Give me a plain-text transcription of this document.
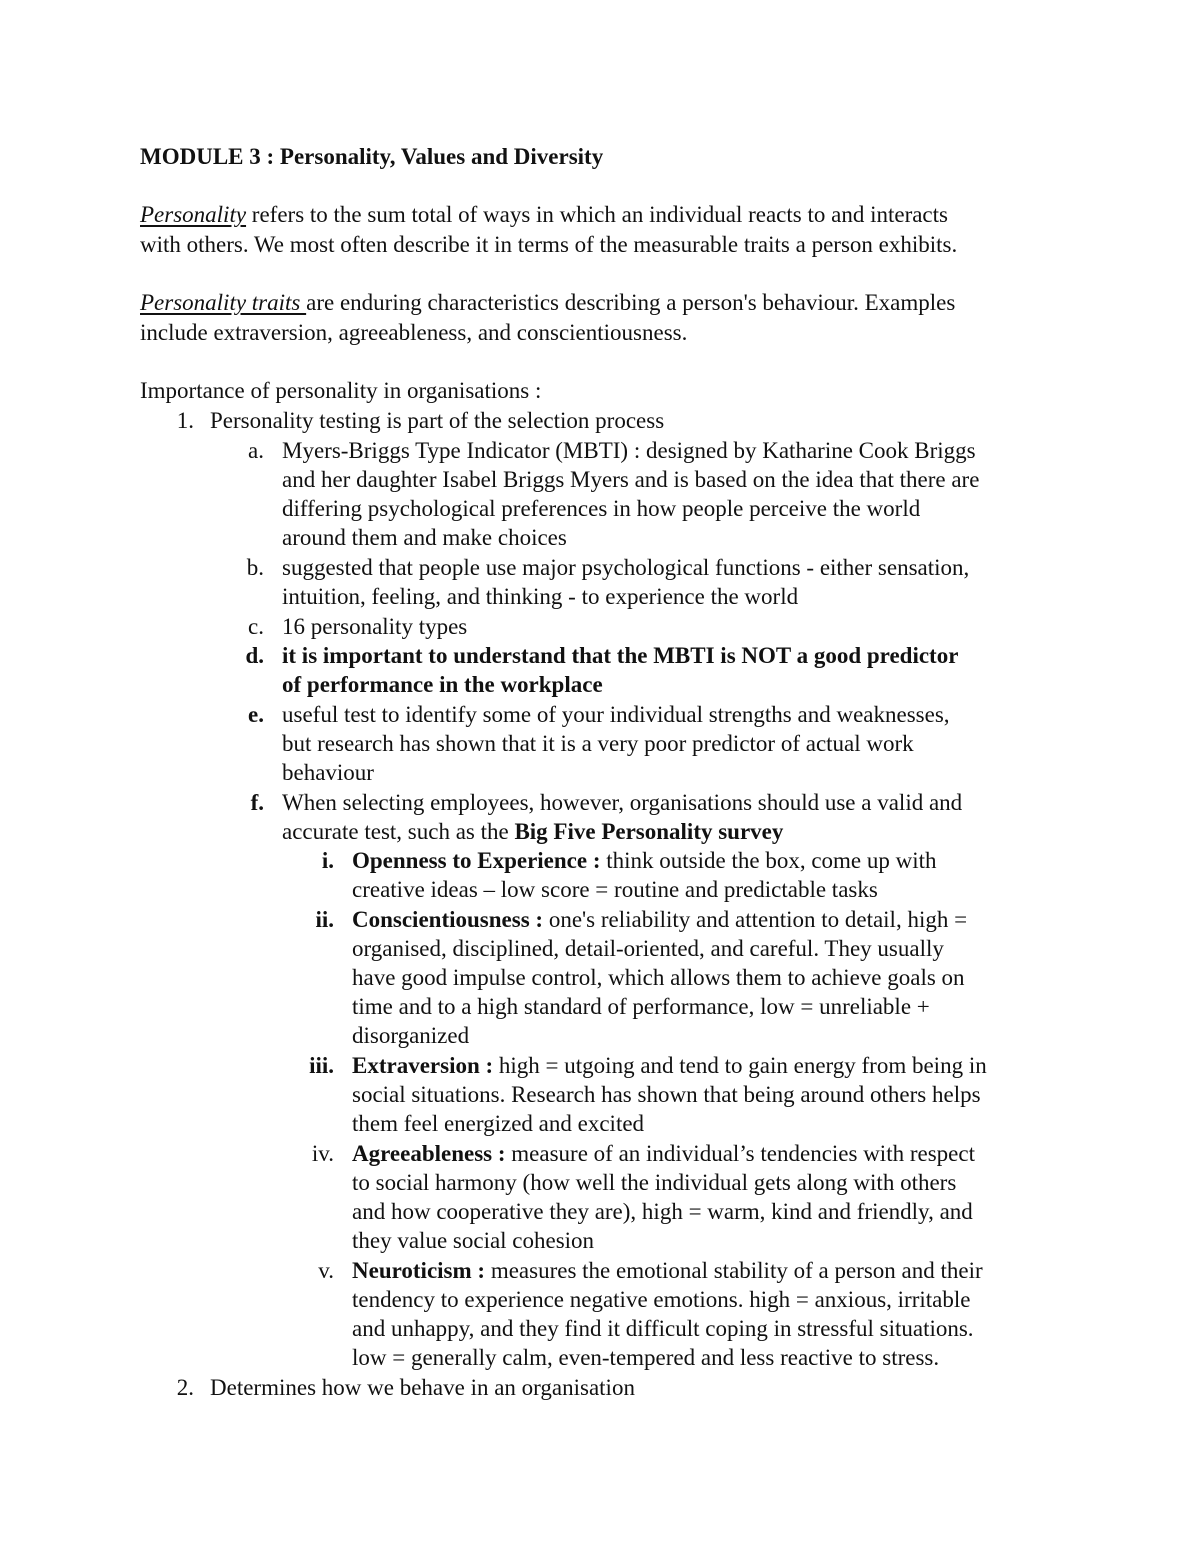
MODULE 3 : Personality, Values and Diversity
Personality refers to the sum total of ways in which an individual reacts to and interacts
with others. We most often describe it in terms of the measurable traits a person exhibits.
Personality traits are enduring characteristics describing a person's behaviour. Examples
include extraversion, agreeableness, and conscientiousness.
Importance of personality in organisations :
1. Personality testing is part of the selection process
a. Myers-Briggs Type Indicator (MBTI) : designed by Katharine Cook Briggs
and her daughter Isabel Briggs Myers and is based on the idea that there are
differing psychological preferences in how people perceive the world
around them and make choices
b. suggested that people use major psychological functions - either sensation,
intuition, feeling, and thinking - to experience the world
c. 16 personality types
d. it is important to understand that the MBTI is NOT a good predictor
of performance in the workplace
e. useful test to identify some of your individual strengths and weaknesses,
but research has shown that it is a very poor predictor of actual work
behaviour
f. When selecting employees, however, organisations should use a valid and
accurate test, such as the Big Five Personality survey
i. Openness to Experience : think outside the box, come up with
creative ideas – low score = routine and predictable tasks
ii. Conscientiousness : one's reliability and attention to detail, high =
organised, disciplined, detail-oriented, and careful. They usually
have good impulse control, which allows them to achieve goals on
time and to a high standard of performance, low = unreliable +
disorganized
iii. Extraversion : high = utgoing and tend to gain energy from being in
social situations. Research has shown that being around others helps
them feel energized and excited
iv. Agreeableness : measure of an individual’s tendencies with respect
to social harmony (how well the individual gets along with others
and how cooperative they are), high = warm, kind and friendly, and
they value social cohesion
v. Neuroticism : measures the emotional stability of a person and their
tendency to experience negative emotions. high = anxious, irritable
and unhappy, and they find it difficult coping in stressful situations.
low = generally calm, even-tempered and less reactive to stress.
2. Determines how we behave in an organisation
